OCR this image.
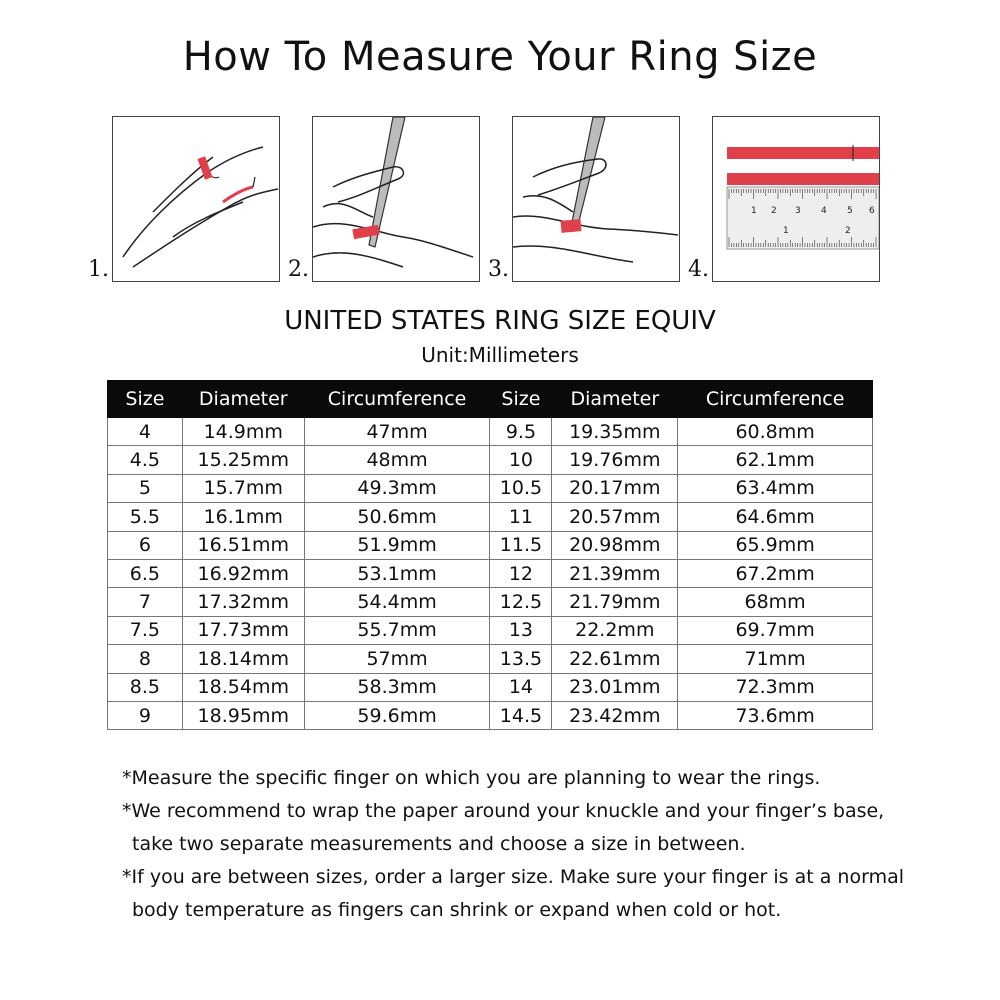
How To Measure Your Ring Size
1.	2.	3.	4.
1 2 3 4 5 6
1	2
UNITED STATES RING SIZE EQUIV
Unit:Millimeters
Size	Diameter	Circumference	Size	Diameter	Circumference
4	14.9mm	47mm	9.5	19.35mm	60.8mm
4.5	15.25mm	48mm	10	19.76mm	62.1mm
5	15.7mm	49.3mm	10.5	20.17mm	63.4mm
5.5	16.1mm	50.6mm	11	20.57mm	64.6mm
6	16.51mm	51.9mm	11.5	20.98mm	65.9mm
6.5	16.92mm	53.1mm	12	21.39mm	67.2mm
7	17.32mm	54.4mm	12.5	21.79mm	68mm
7.5	17.73mm	55.7mm	13	22.2mm	69.7mm
8	18.14mm	57mm	13.5	22.61mm	71mm
8.5	18.54mm	58.3mm	14	23.01mm	72.3mm
9	18.95mm	59.6mm	14.5	23.42mm	73.6mm

*Measure the specific finger on which you are planning to wear the rings.

*We recommend to wrap the paper around your knuckle and your finger’s base,

take two separate measurements and choose a size in between.

*If you are between sizes, order a larger size. Make sure your finger is at a normal

body temperature as fingers can shrink or expand when cold or hot.
